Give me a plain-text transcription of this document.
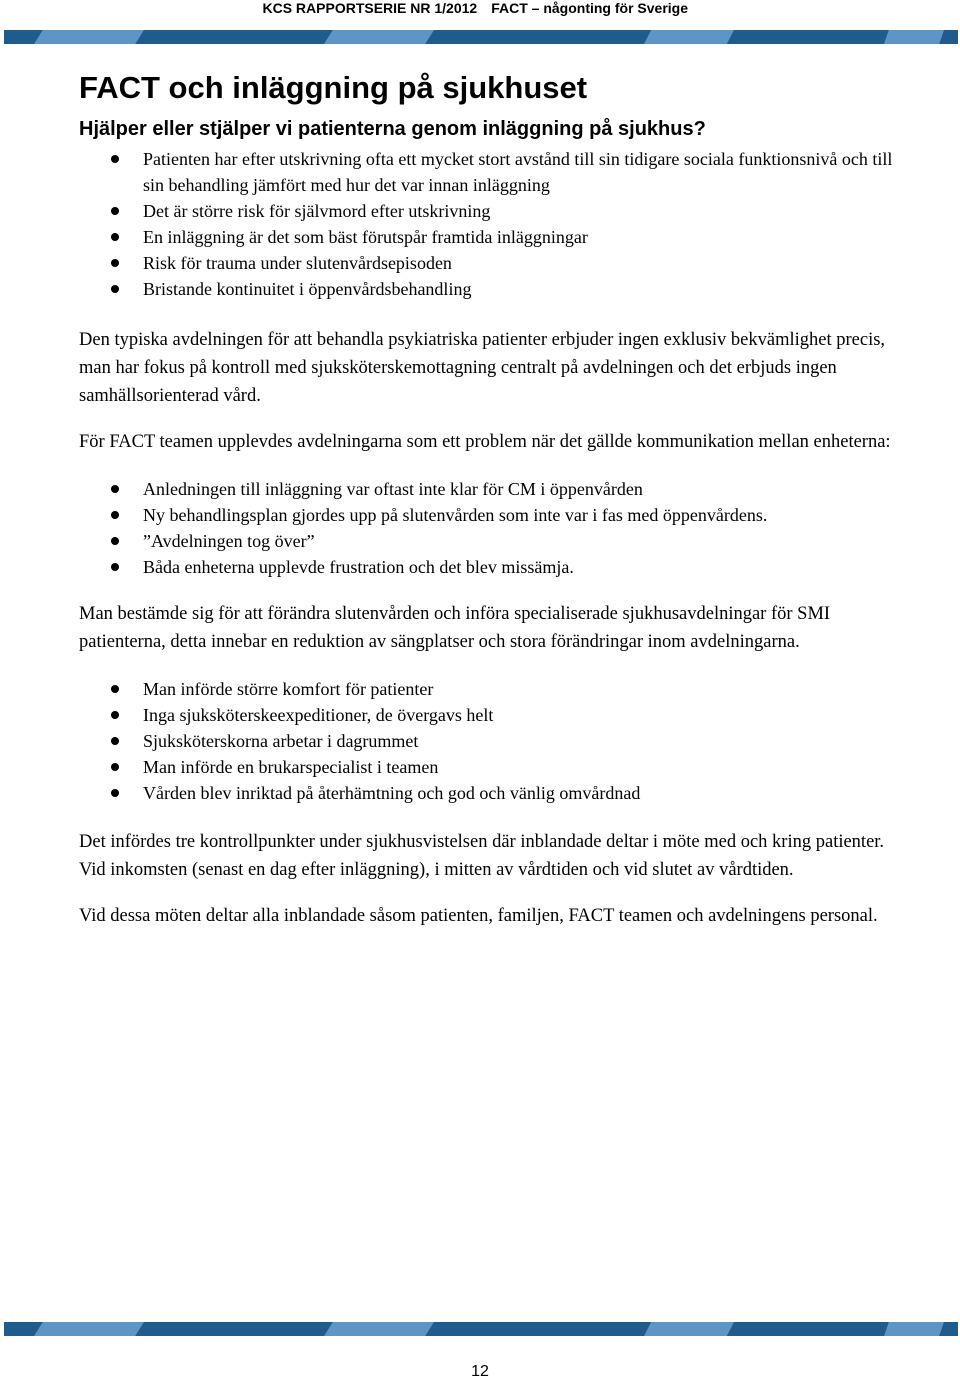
KCS RAPPORTSERIE NR 1/2012 FACT – någonting för Sverige
FACT och inläggning på sjukhuset
Hjälper eller stjälper vi patienterna genom inläggning på sjukhus?
Patienten har efter utskrivning ofta ett mycket stort avstånd till sin tidigare sociala funktionsnivå och till sin behandling jämfört med hur det var innan inläggning
Det är större risk för självmord efter utskrivning
En inläggning är det som bäst förutspår framtida inläggningar
Risk för trauma under slutenvårdsepisoden
Bristande kontinuitet i öppenvårdsbehandling

Den typiska avdelningen för att behandla psykiatriska patienter erbjuder ingen exklusiv bekvämlighet precis, man har fokus på kontroll med sjuksköterskemottagning centralt på avdelningen och det erbjuds ingen samhällsorienterad vård.

För FACT teamen upplevdes avdelningarna som ett problem när det gällde kommunikation mellan enheterna:

Anledningen till inläggning var oftast inte klar för CM i öppenvården
Ny behandlingsplan gjordes upp på slutenvården som inte var i fas med öppenvårdens.
”Avdelningen tog över”
Båda enheterna upplevde frustration och det blev missämja.

Man bestämde sig för att förändra slutenvården och införa specialiserade sjukhusavdelningar för SMI patienterna, detta innebar en reduktion av sängplatser och stora förändringar inom avdelningarna.

Man införde större komfort för patienter
Inga sjuksköterskeexpeditioner, de övergavs helt
Sjuksköterskorna arbetar i dagrummet
Man införde en brukarspecialist i teamen
Vården blev inriktad på återhämtning och god och vänlig omvårdnad

Det infördes tre kontrollpunkter under sjukhusvistelsen där inblandade deltar i möte med och kring patienter. Vid inkomsten (senast en dag efter inläggning), i mitten av vårdtiden och vid slutet av vårdtiden.

Vid dessa möten deltar alla inblandade såsom patienten, familjen, FACT teamen och avdelningens personal.

12
